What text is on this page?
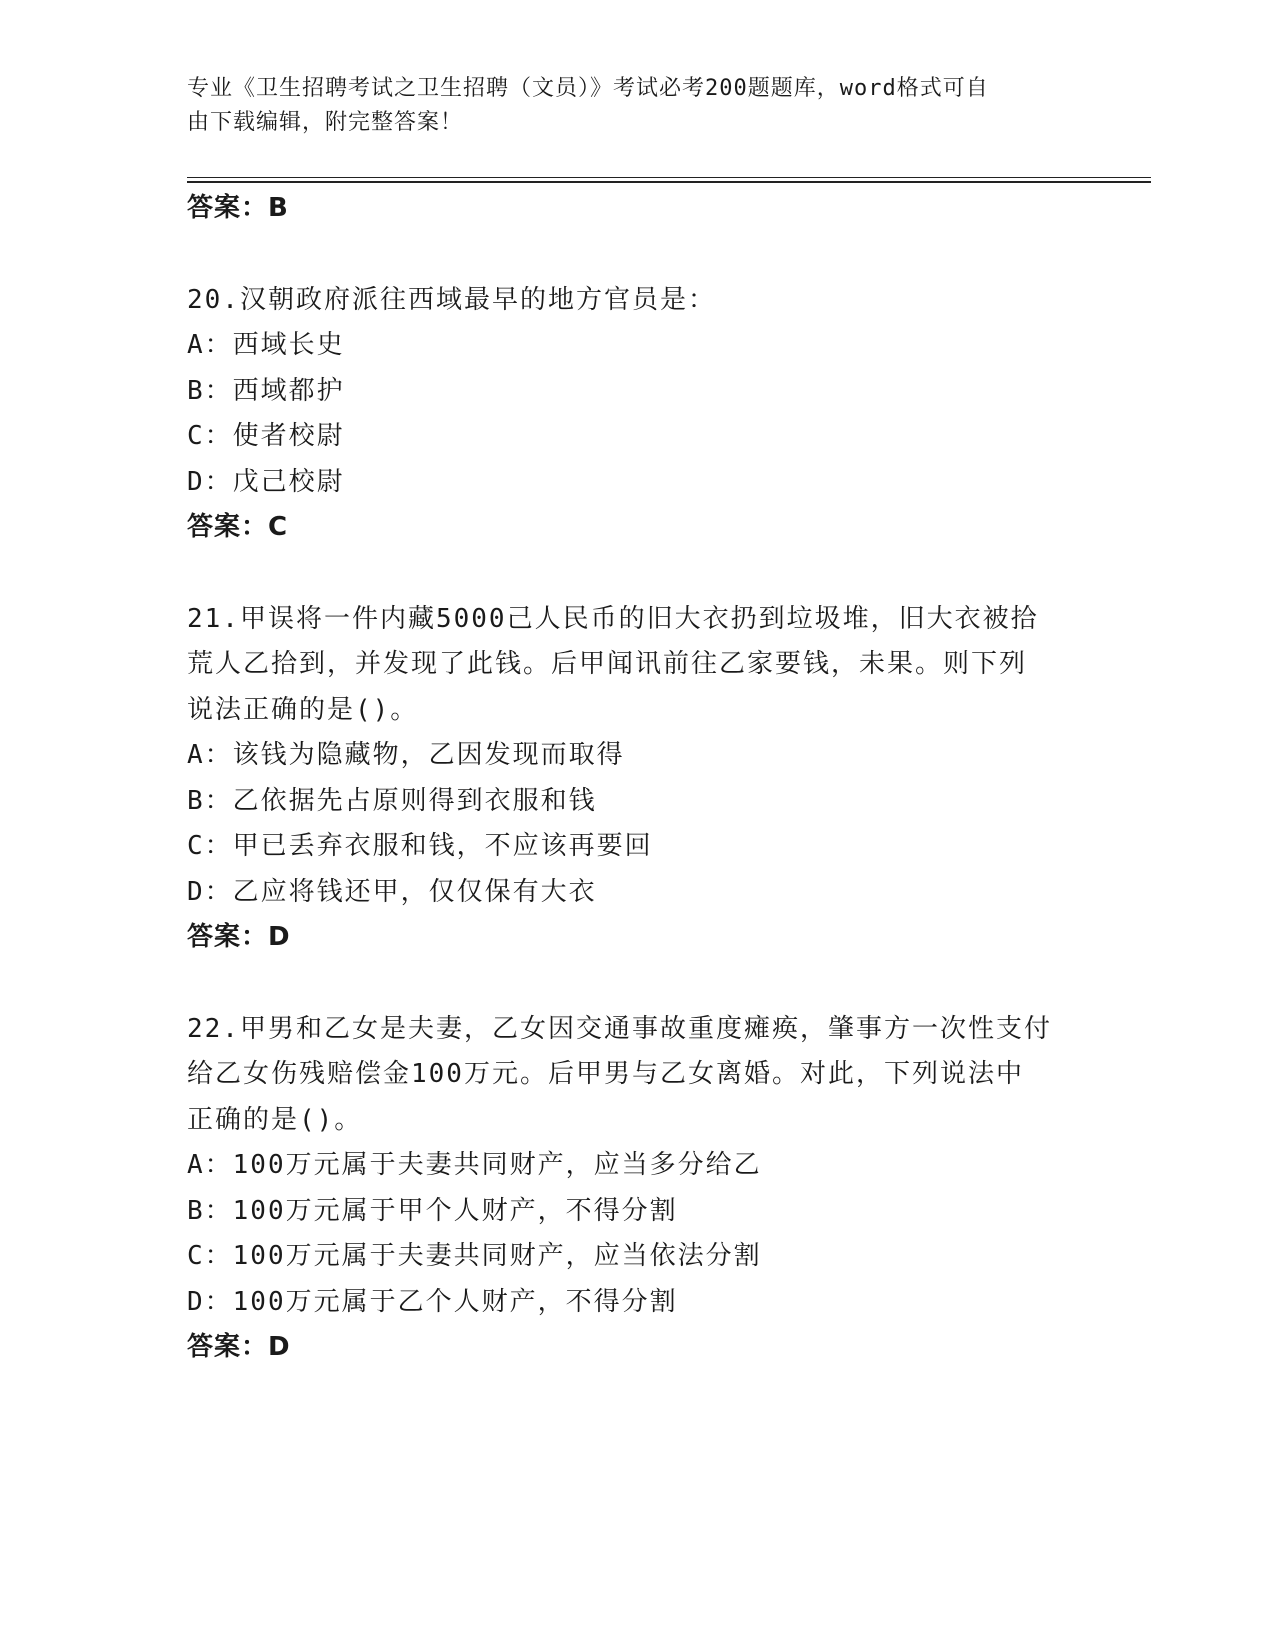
专业《卫生招聘考试之卫生招聘（文员）》考试必考200题题库，word格式可自
由下载编辑，附完整答案！
答案：B
20.汉朝政府派往西域最早的地方官员是：
A：西域长史
B：西域都护
C：使者校尉
D：戊己校尉
答案：C
21.甲误将一件内藏5000己人民币的旧大衣扔到垃圾堆，旧大衣被拾
荒人乙拾到，并发现了此钱。后甲闻讯前往乙家要钱，未果。则下列
说法正确的是()。
A：该钱为隐藏物，乙因发现而取得
B：乙依据先占原则得到衣服和钱
C：甲已丢弃衣服和钱，不应该再要回
D：乙应将钱还甲，仅仅保有大衣
答案：D
22.甲男和乙女是夫妻，乙女因交通事故重度瘫痪，肇事方一次性支付
给乙女伤残赔偿金100万元。后甲男与乙女离婚。对此，下列说法中
正确的是()。
A：100万元属于夫妻共同财产，应当多分给乙
B：100万元属于甲个人财产，不得分割
C：100万元属于夫妻共同财产，应当依法分割
D：100万元属于乙个人财产，不得分割
答案：D
